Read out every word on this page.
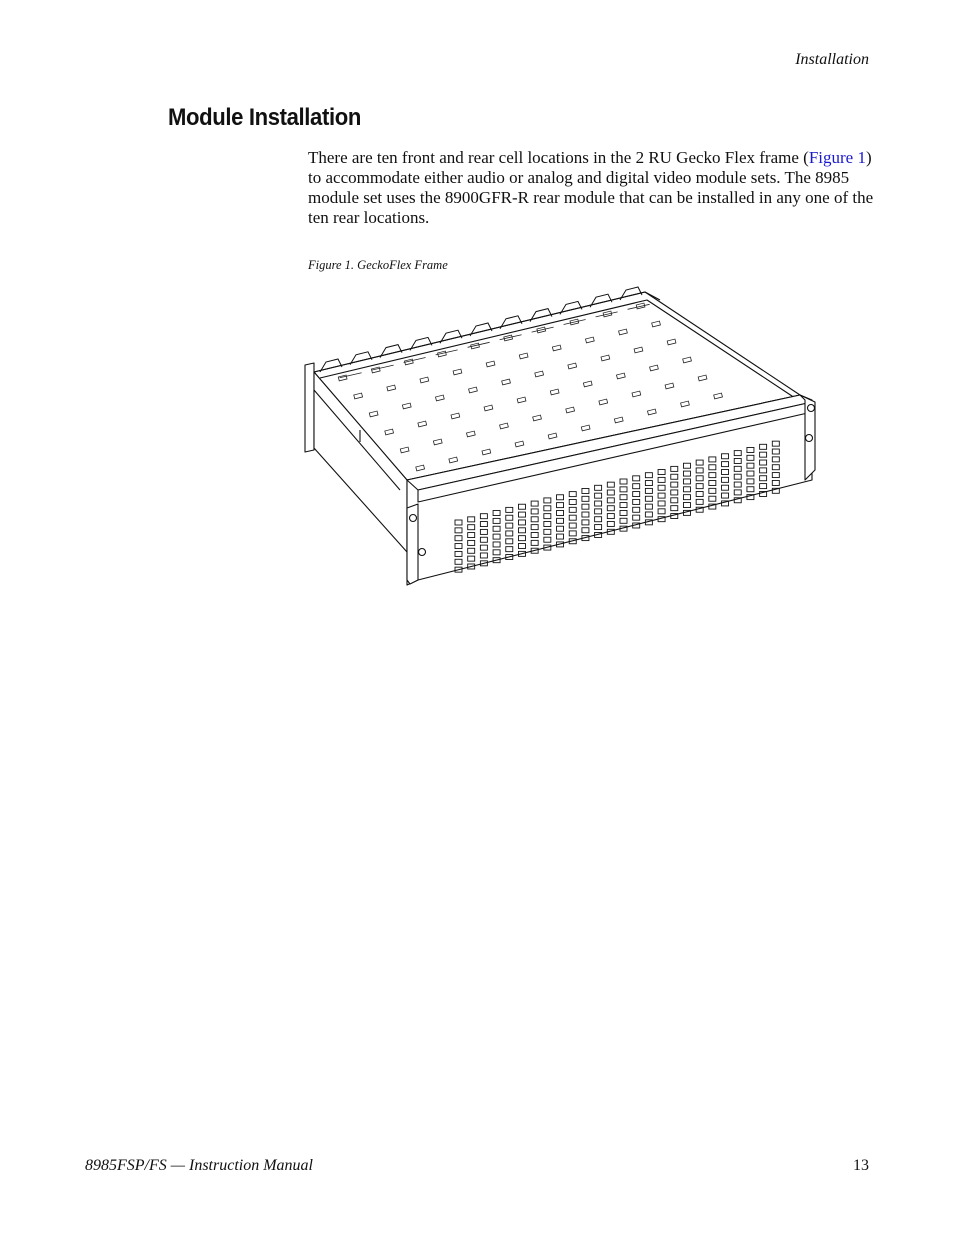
Installation
Module Installation

There are ten front and rear cell locations in the 2 RU Gecko Flex frame (Figure 1) to accommodate either audio or analog and digital video module sets. The 8985 module set uses the 8900GFR-R rear module that can be installed in any one of the ten rear locations.

Figure 1. GeckoFlex Frame
8985FSP/FS — Instruction Manual	13
